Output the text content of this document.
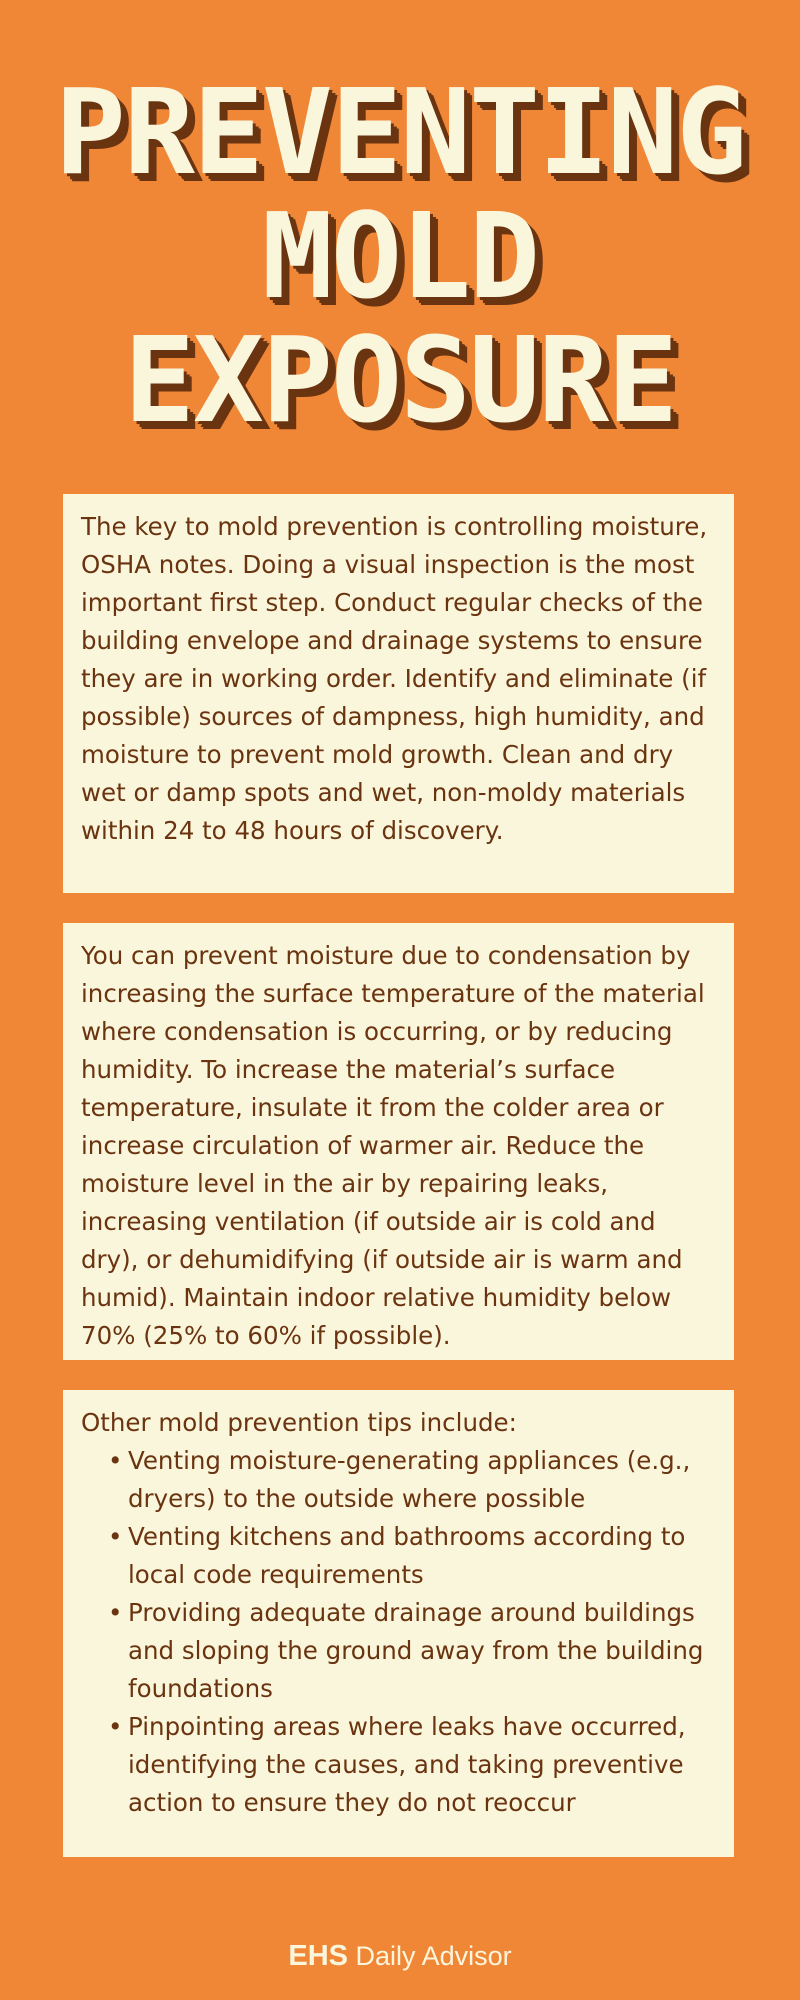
PREVENTING
MOLD
EXPOSURE

The key to mold prevention is controlling moisture, OSHA notes. Doing a visual inspection is the most important first step. Conduct regular checks of the building envelope and drainage systems to ensure they are in working order. Identify and eliminate (if possible) sources of dampness, high humidity, and moisture to prevent mold growth. Clean and dry wet or damp spots and wet, non-moldy materials within 24 to 48 hours of discovery.

You can prevent moisture due to condensation by increasing the surface temperature of the material where condensation is occurring, or by reducing humidity. To increase the material’s surface temperature, insulate it from the colder area or increase circulation of warmer air. Reduce the moisture level in the air by repairing leaks, increasing ventilation (if outside air is cold and dry), or dehumidifying (if outside air is warm and humid). Maintain indoor relative humidity below 70% (25% to 60% if possible).

Other mold prevention tips include:

• Venting moisture-generating appliances (e.g., dryers) to the outside where possible
• Venting kitchens and bathrooms according to local code requirements
• Providing adequate drainage around buildings and sloping the ground away from the building foundations
• Pinpointing areas where leaks have occurred, identifying the causes, and taking preventive action to ensure they do not reoccur
EHS Daily Advisor
